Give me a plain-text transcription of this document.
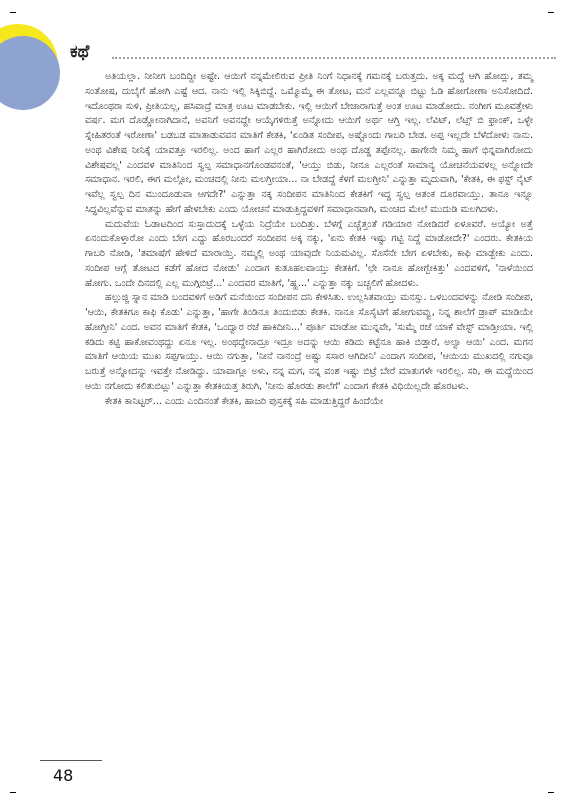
ಕಥೆ

ಅತಿಯಲ್ಲಾ. ನೀನೀಗ ಬಂದಿದ್ದೀ ಅಷ್ಟೇ. ಆಯಿಗೆ ನನ್ನಮೇಲಿರುವ ಪ್ರೀತಿ ನಿಂಗೆ ನಿಧಾನಕ್ಕೆ ಗಮನಕ್ಕೆ ಬರುತ್ತದು. ಅಕ್ಕ ಮದ್ದೆ ಆಗಿ ಹೋದ್ಲು, ತಮ್ಮ ಸಂತೋಷ, ದುಬೈಗೆ ಹೋಗಿ ಎಷ್ಟೆ ಆದ. ನಾನು ಇಲ್ಲಿ ಸಿಕ್ಕಿಬಿದ್ದೆ. ಒಮ್ಮೊಮ್ಮೆ ಈ ತೋಟ, ಮನೆ ಎಲ್ಲವನ್ನೂ ಬಿಟ್ಟು ಓಡಿ ಹೋಗೋಣಾ ಅನಿಸೋದಿದೆ. ಇದೊಂಥರಾ ಸುಳಿ, ಪ್ರೀತಿಯಲ್ಲ, ಹಸಿವಾದ್ರೆ ಮಾತ್ರ ಊಟ ಮಾಡಬೇಕು. ಇಲ್ಲಿ ಆಯಿಗೆ ಬೇಜಾರಾಗುತ್ತೆ ಅಂತ ಊಟ ಮಾಡೋದು. ನಂಗೀಗ ಮೂವತ್ತೇಳು ವರ್ಷ. ಮಗ ದೊಡ್ಡೋನಾಗಿದಾನೆ, ಅವನಿಗೆ ಅವನದ್ದೇ ಆಯ್ಕೆಗಳಿರುತ್ತೆ ಅನ್ನೋದು ಆಯಿಗೆ ಅರ್ಥ ಆಗ್ತಿ ಇಲ್ಲ. ಲೆವಿಟ್, ಲೆಟ್ಸ್ ಬಿ ಫ್ರಾಂಕ್, ಒಳ್ಳೇ ಸ್ನೇಹಿತರಂತೆ ಇರೋಣಾ' ಬಡಬಡ ಮಾತಾಡುವವನ ಮಾತಿಗೆ ಕೇತಕಿ, 'ಏಂಡಿತ ಸಂದೀಪ, ಅಷ್ಟೊಂದು ಗಾಬರಿ ಬೇಡ. ಅಪ್ಪ ಇಲ್ಲದೇ ಬೆಳೆದೋಳು ನಾನು. ಅಂಥ ವಿಶೇಷ ನೀನಿಕ್ಕೆ ಯಾವತ್ತೂ ಇರಲಿಲ್ಲ. ಅಂದ ಹಾಗೆ ಎಲ್ಲರ ಹಾಗಿರೋದು ಅಂಥ ದೊಡ್ಡ ತಪ್ಪೇನಲ್ಲ. ಹಾಗೇನೇ ನಿಮ್ಮ ಹಾಗೆ ಭಿನ್ನವಾಗಿರೋದು ವಿಶೇಷವಲ್ಲ' ಎಂದವಳ ಮಾತಿನಿಂದ ಸ್ವಲ್ಪ ಸಮಾಧಾನಗೊಂಡವನಂತೆ, 'ಆಯ್ತು ಬಿಡು, ನೀನೂ ಎಲ್ಲರಂತೆ ಸಾಮಾನ್ಯ ಯೋಚನೆಯವಳಲ್ಲ ಅನ್ನೋದೇ ಸಮಾಧಾನ. ಇರಲಿ, ಈಗ ಮಲ್ಗೋ, ಮಂಚದಲ್ಲಿ ನೀನು ಮಲಗ್ತೀಯಾ... ನಾ ಬೇಡದ್ದೆ ಕೆಳಗೆ ಮಲಗ್ತೀನಿ' ಎನ್ನುತ್ತಾ ಮೃದುವಾಗಿ, 'ಕೇತಕಿ, ಈ ಫಸ್ಟ್ ನೈಟ್ ಇವೆಲ್ಲ ಸ್ವಲ್ಪ ದಿನ ಮುಂದೂಡುವಾ ಆಗದೇ?' ಎನ್ನುತ್ತಾ ನಕ್ಕ ಸಂದೀಪನ ಮಾತಿನಿಂದ ಕೇತಕಿಗೆ ಇದ್ದ ಸ್ವಲ್ಪ ಆತಂಕ ದೂರವಾಯ್ತು. ತಾನೂ ಇನ್ನೂ ಸಿದ್ಧವಿಲ್ಲವೆನ್ನುವ ಮಾತನ್ನು ಹೇಗೆ ಹೇಳಬೇಕು ಎಂದು ಯೋಚನೆ ಮಾಡುತ್ತಿದ್ದವಳಿಗೆ ಸಮಾಧಾನವಾಗಿ, ಮಂಚದ ಮೇಲೆ ಮುದುಡಿ ಮಲಗಿದಳು.

ಮದುವೆಯ ಓಡಾಟದಿಂದ ಸುಸ್ತಾದುದಕ್ಕೆ ಒಳ್ಳೆಯ ನಿದ್ರೆಯೇ ಬಂದಿತ್ತು. ಬೆಳಗ್ಗೆ ಎಚ್ಚೆತ್ತಂತೆ ಗಡಿಯಾರ ನೋಡಿದರೆ ಏಳೂವರೆ. ಅಯ್ಯೋ ಅತ್ತೆ ಏನಂದುಕೊಳ್ತಾರೋ ಎಂದು ಬೇಗ ಎದ್ದು ಹೊರಬಂದರೆ ಸಂದೀಪನ ಅಕ್ಕ ನಕ್ಕು, 'ಏನು ಕೇತಕಿ ಇಷ್ಟು ಗಟ್ಟಿ ನಿದ್ದೆ ಮಾಡೋದೇ?' ಎಂದರು. ಕೇತಕಿಯ ಗಾಬರಿ ನೋಡಿ, 'ತಮಾಷೆಗೆ ಹೇಳಿದೆ ಮಾರಾಯ್ತಿ. ನಮ್ಮಲ್ಲಿ ಅಂಥ ಯಾವುದೇ ನಿಯಮವಿಲ್ಲ. ಸೊಸೆನೇ ಬೇಗ ಏಳಬೇಕು, ಕಾಫಿ ಮಾಡ್ಬೇಕು ಎಂದು. ಸಂದೀಪ ಆಗ್ಲೆ ತೋಟದ ಕಡೆಗೆ ಹೋದ ನೋಡು' ಎಂದಾಗ ಕುತೂಹಲವಾಯ್ತು ಕೇತಕಿಗೆ. 'ಛೇ ನಾನೂ ಹೋಗ್ಬೇಕಿತ್ತು' ಎಂದವಳಿಗೆ, 'ನಾಳೆಯಿಂದ ಹೋಗು. ಒಂದೇ ದಿನದಲ್ಲಿ ಎಲ್ಲ ಮುಗ್ಗಿಬಿಟ್ರೆ...' ಎಂದವರ ಮಾತಿಗೆ, 'ಹ್ಹ...' ಎನ್ನುತ್ತಾ ನಕ್ಕು ಬಚ್ಚಲಿಗೆ ಹೋದಳು.

ಹಲ್ಲುಜ್ಜಿ ಸ್ನಾನ ಮಾಡಿ ಬಂದವಳಿಗೆ ಅಡಿಗೆ ಮನೆಯಿಂದ ಸಂದೀಪನ ದನಿ ಕೇಳಿಸಿತು. ಉಲ್ಲಸಿತವಾಯ್ತು ಮನಸ್ಸು. ಒಳಬಂದವಳನ್ನು ನೋಡಿ ಸಂದೀಪ, 'ಆಯಿ, ಕೇತಕಿಗೂ ಕಾಫಿ ಕೊಡು' ಎನ್ನುತ್ತಾ, 'ಹಾಗೇ ತಿಂಡಿನೂ ತಿಂದುಬಿಡು ಕೇತಕಿ. ನಾನೂ ಸೊಸೈಟಿಗೆ ಹೋಗುವವ್ವು, ನಿನ್ನ ಶಾಲೆಗೆ ಡ್ರಾಪ್ ಮಾಡಿಯೇ ಹೋಗ್ತೀನಿ' ಎಂದ. ಅವನ ಮಾತಿಗೆ ಕೇತಕಿ, 'ಒಂದ್ವಾರ ರಜೆ ಹಾಕಿದೀನಿ...' ಪೂರ್ತಿ ಮಾಡೋ ಮುನ್ನವೇ, 'ಸುಮ್ಮೆ ರಜೆ ಯಾಕೆ ವೇಸ್ಟ್ ಮಾಡ್ತೀಯಾ. ಇಲ್ಲಿ ಕಡಿದು ಕಟ್ಟಿ ಹಾಕೋವಂಥದ್ದು ಏನೂ ಇಲ್ಲ. ಅಂಥದ್ದೇನಾದ್ರೂ ಇದ್ರೂ ಅದನ್ನು ಆಯಿ ಕಡಿದು ಕಟ್ಟೆನೂ ಹಾಕಿ ಬಿಡ್ತಾರೆ, ಅಲ್ವಾ ಆಯಿ' ಎಂದ. ಮಗನ ಮಾತಿಗೆ ಆಯಿಯ ಮುಖ ಸಪ್ಪಗಾಯ್ತು. ಆಯಿ ನಗುತ್ತಾ, 'ನೀನೆ ನಾನಂದ್ರೆ ಅಷ್ಟು ಸಸಾರ ಆಗಿದೀನಿ' ಎಂದಾಗ ಸಂದೀಪ, 'ಆಯಿಯ ಮುಖದಲ್ಲಿ ನಗುವೂ ಬರುತ್ತೆ ಅನ್ನೋದನ್ನು ಇವತ್ತೇ ನೋಡಿದ್ದು. ಯಾವಾಗ್ಲೂ ಅಳು, ನನ್ನ ಮಗ, ನನ್ನ ವಂಶ ಇಷ್ಟು ಬಿಟ್ರೆ ಬೇರೆ ಮಾತುಗಳೇ ಇರಲಿಲ್ಲ. ಸರಿ, ಈ ಮದ್ದೆಯಿಂದ ಆಯಿ ನಗೋದು ಕಲಿತುಬಿಟ್ಲು' ಎನ್ನುತ್ತಾ ಕೇತಕಿಯತ್ತ ತಿರುಗಿ, 'ನೀನು ಹೊರಡು ಶಾಲೆಗೆ' ಎಂದಾಗ ಕೇತಕಿ ವಿಧಿಯಿಲ್ಲದೇ ಹೊರಟಳು.

ಕೇತಕಿ ಕಾನಿಟ್ಟರ್... ಎಂದು ಎಂದಿನಂತೆ ಕೇತಕಿ, ಹಾಜರಿ ಪುಸ್ತಕಕ್ಕೆ ಸಹಿ ಮಾಡುತ್ತಿದ್ದರೆ ಹಿಂದೆಯೇ

48
